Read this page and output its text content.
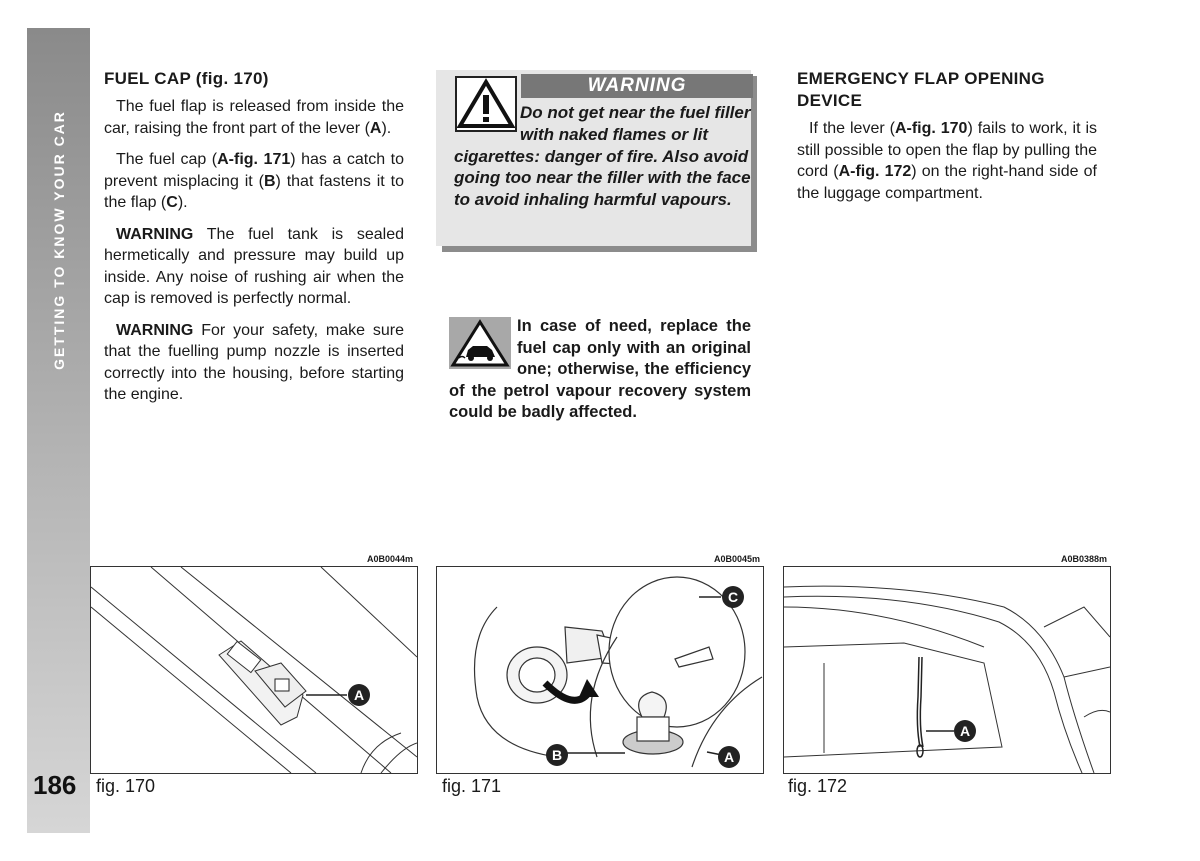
GETTING TO KNOW YOUR CAR
186
FUEL CAP (fig. 170)

The fuel flap is released from inside the car, raising the front part of the lever (A).

The fuel cap (A-fig. 171) has a catch to prevent misplacing it (B) that fastens it to the flap (C).

WARNING The fuel tank is sealed hermetically and pressure may build up inside. Any noise of rushing air when the cap is removed is perfectly normal.

WARNING For your safety, make sure that the fuelling pump nozzle is inserted correctly into the housing, before starting the engine.

WARNING
Do not get near the fuel filler with naked flames or lit cigarettes: danger of fire. Also avoid going too near the filler with the face to avoid inhaling harmful vapours.
In case of need, replace the fuel cap only with an original one; otherwise, the efficiency of the petrol vapour recovery system could be badly affected.
EMERGENCY FLAP OPENING DEVICE

If the lever (A-fig. 170) fails to work, it is still possible to open the flap by pulling the cord (A-fig. 172) on the right-hand side of the luggage compartment.

A0B0044m
A
fig. 170
A0B0045m
C
B	A
fig. 171
A0B0388m
A
fig. 172
